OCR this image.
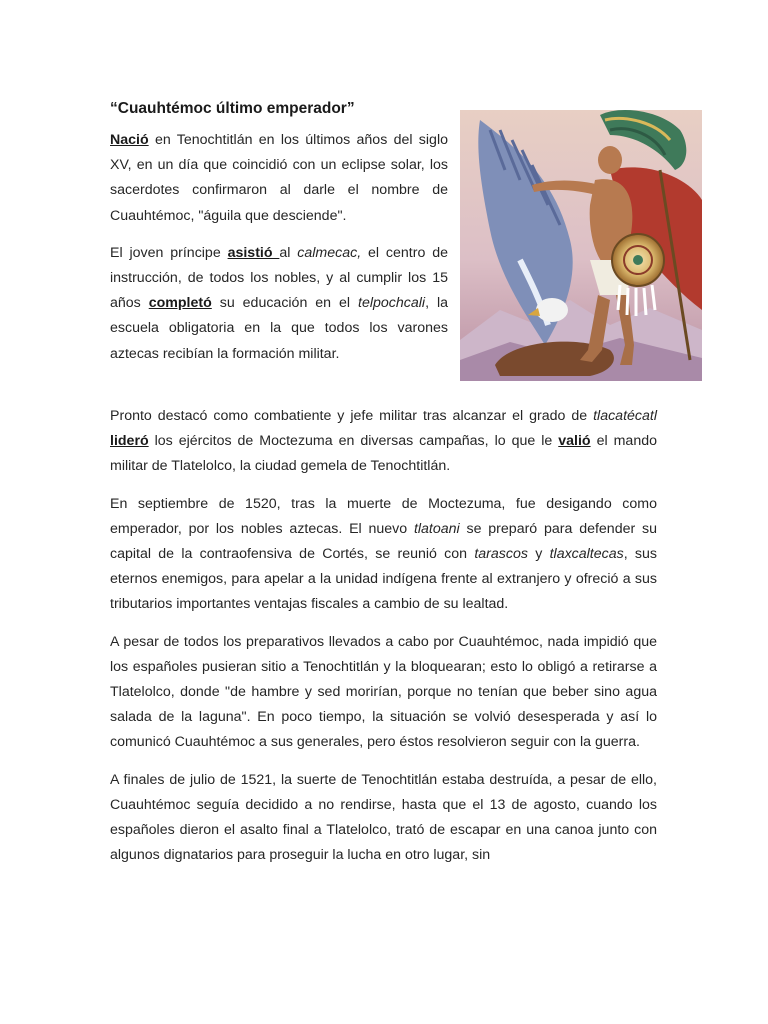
“Cuauhtémoc último emperador”

Nació en Tenochtitlán en los últimos años del siglo XV, en un día que coincidió con un eclipse solar, los sacerdotes confirmaron al darle el nombre de Cuauhtémoc, "águila que desciende".

El joven príncipe asistió al calmecac, el centro de instrucción, de todos los nobles, y al cumplir los 15 años completó su educación en el telpochcali, la escuela obligatoria en la que todos los varones aztecas recibían la formación militar.

Pronto destacó como combatiente y jefe militar tras alcanzar el grado de tlacatécatl lideró los ejércitos de Moctezuma en diversas campañas, lo que le valió el mando militar de Tlatelolco, la ciudad gemela de Tenochtitlán.

En septiembre de 1520, tras la muerte de Moctezuma, fue desigando como emperador, por los nobles aztecas. El nuevo tlatoani se preparó para defender su capital de la contraofensiva de Cortés, se reunió con tarascos y tlaxcaltecas, sus eternos enemigos, para apelar a la unidad indígena frente al extranjero y ofreció a sus tributarios importantes ventajas fiscales a cambio de su lealtad.

A pesar de todos los preparativos llevados a cabo por Cuauhtémoc, nada impidió que los españoles pusieran sitio a Tenochtitlán y la bloquearan; esto lo obligó a retirarse a Tlatelolco, donde "de hambre y sed morirían, porque no tenían que beber sino agua salada de la laguna". En poco tiempo, la situación se volvió desesperada y así lo comunicó Cuauhtémoc a sus generales, pero éstos resolvieron seguir con la guerra.

A finales de julio de 1521, la suerte de Tenochtitlán estaba destruída, a pesar de ello, Cuauhtémoc seguía decidido a no rendirse, hasta que el 13 de agosto, cuando los españoles dieron el asalto final a Tlatelolco, trató de escapar en una canoa junto con algunos dignatarios para proseguir la lucha en otro lugar, sin
